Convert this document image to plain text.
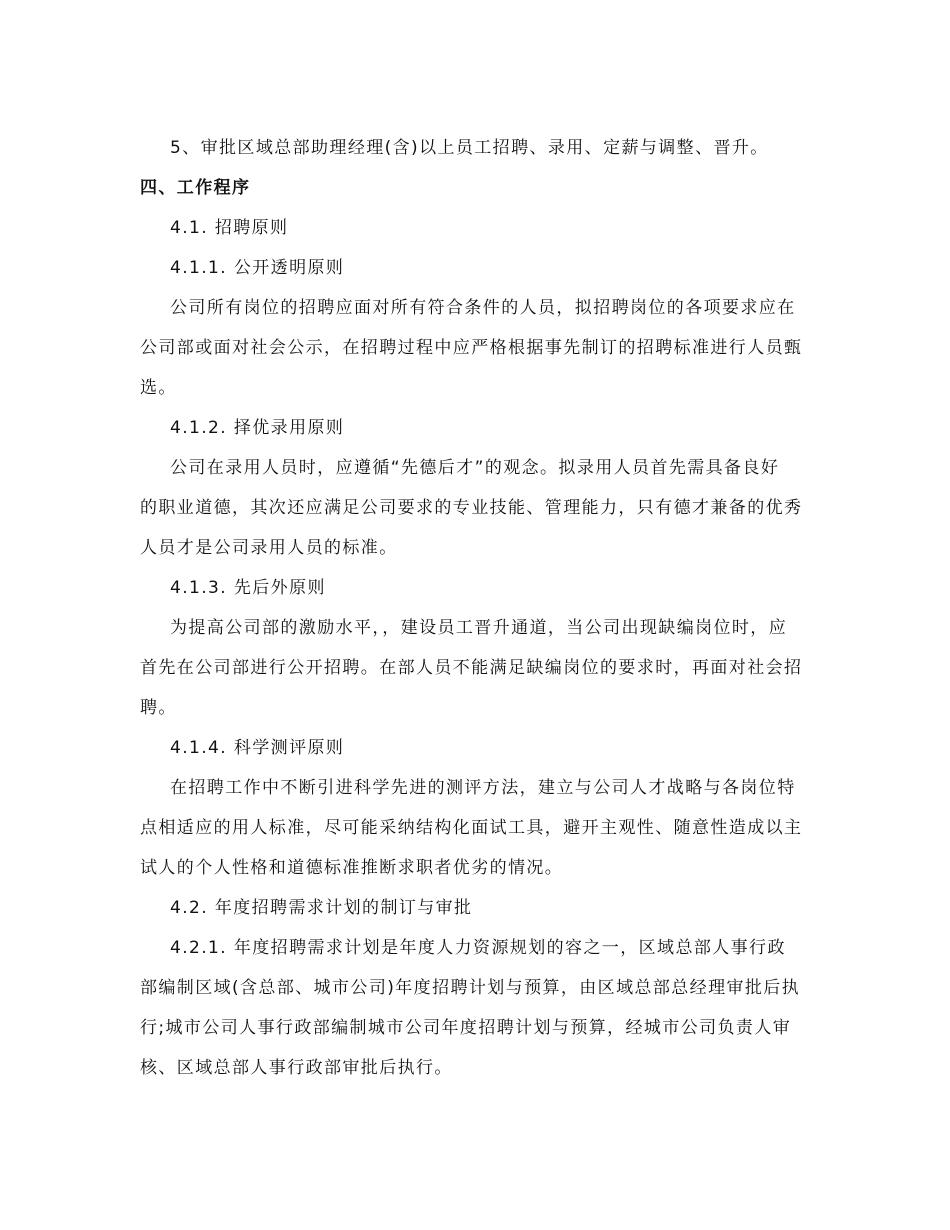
5、审批区域总部助理经理(含)以上员工招聘、录用、定薪与调整、晋升。
四、工作程序
4.1. 招聘原则
4.1.1. 公开透明原则
公司所有岗位的招聘应面对所有符合条件的人员，拟招聘岗位的各项要求应在
公司部或面对社会公示，在招聘过程中应严格根据事先制订的招聘标准进行人员甄
选。
4.1.2. 择优录用原则
公司在录用人员时，应遵循“先德后才”的观念。拟录用人员首先需具备良好
的职业道德，其次还应满足公司要求的专业技能、管理能力，只有德才兼备的优秀
人员才是公司录用人员的标准。
4.1.3. 先后外原则
为提高公司部的激励水平，，建设员工晋升通道，当公司出现缺编岗位时，应
首先在公司部进行公开招聘。在部人员不能满足缺编岗位的要求时，再面对社会招
聘。
4.1.4. 科学测评原则
在招聘工作中不断引进科学先进的测评方法，建立与公司人才战略与各岗位特
点相适应的用人标准，尽可能采纳结构化面试工具，避开主观性、随意性造成以主
试人的个人性格和道德标准推断求职者优劣的情况。
4.2. 年度招聘需求计划的制订与审批
4.2.1. 年度招聘需求计划是年度人力资源规划的容之一，区域总部人事行政
部编制区域(含总部、城市公司)年度招聘计划与预算，由区域总部总经理审批后执
行;城市公司人事行政部编制城市公司年度招聘计划与预算，经城市公司负责人审
核、区域总部人事行政部审批后执行。
